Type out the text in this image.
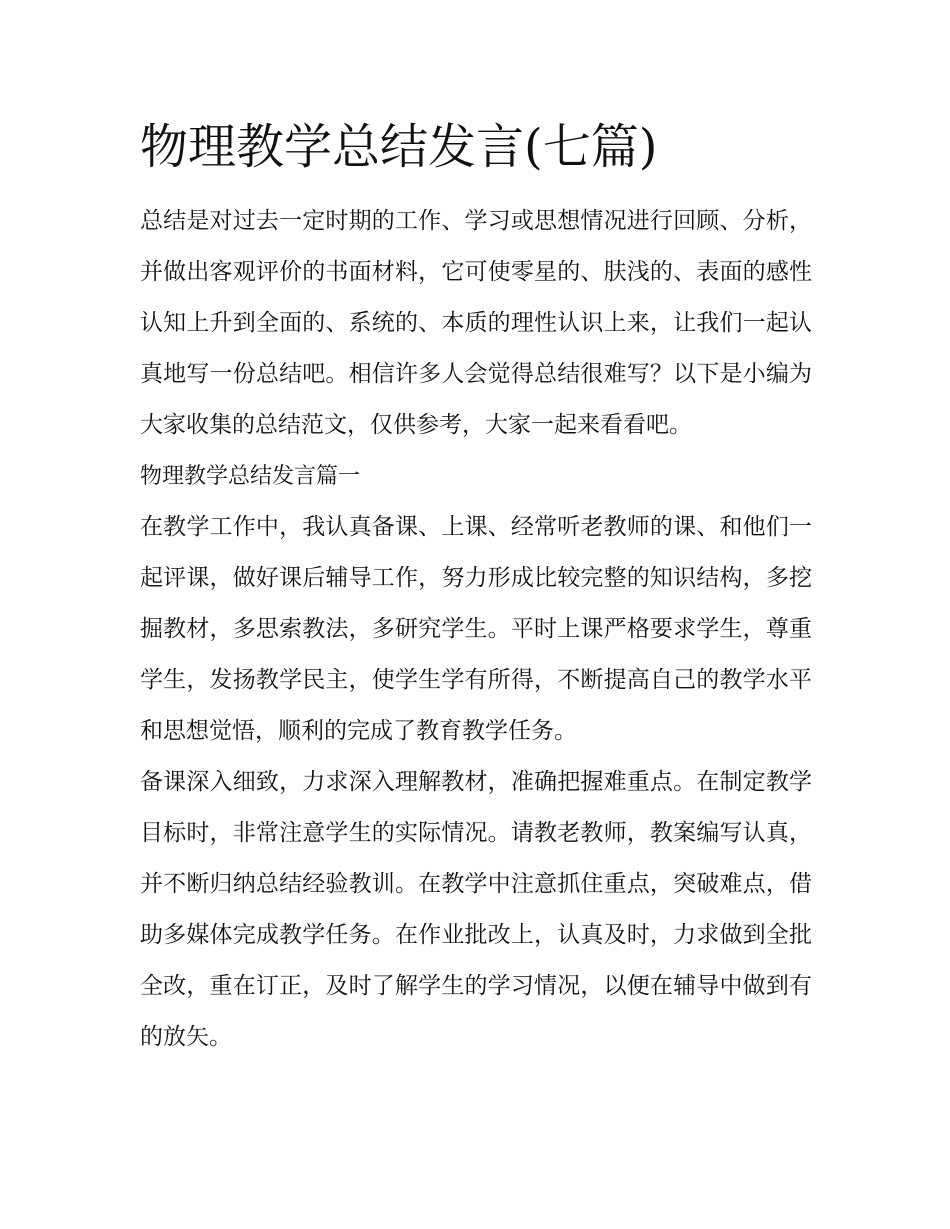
物理教学总结发言(七篇)

总结是对过去一定时期的工作、学习或思想情况进行回顾、分析，并做出客观评价的书面材料，它可使零星的、肤浅的、表面的感性认知上升到全面的、系统的、本质的理性认识上来，让我们一起认真地写一份总结吧。相信许多人会觉得总结很难写？以下是小编为大家收集的总结范文，仅供参考，大家一起来看看吧。

物理教学总结发言篇一

在教学工作中，我认真备课、上课、经常听老教师的课、和他们一起评课，做好课后辅导工作，努力形成比较完整的知识结构，多挖掘教材，多思索教法，多研究学生。平时上课严格要求学生，尊重学生，发扬教学民主，使学生学有所得，不断提高自己的教学水平和思想觉悟，顺利的完成了教育教学任务。

备课深入细致，力求深入理解教材，准确把握难重点。在制定教学目标时，非常注意学生的实际情况。请教老教师，教案编写认真，并不断归纳总结经验教训。在教学中注意抓住重点，突破难点，借助多媒体完成教学任务。在作业批改上，认真及时，力求做到全批全改，重在订正，及时了解学生的学习情况，以便在辅导中做到有的放矢。
